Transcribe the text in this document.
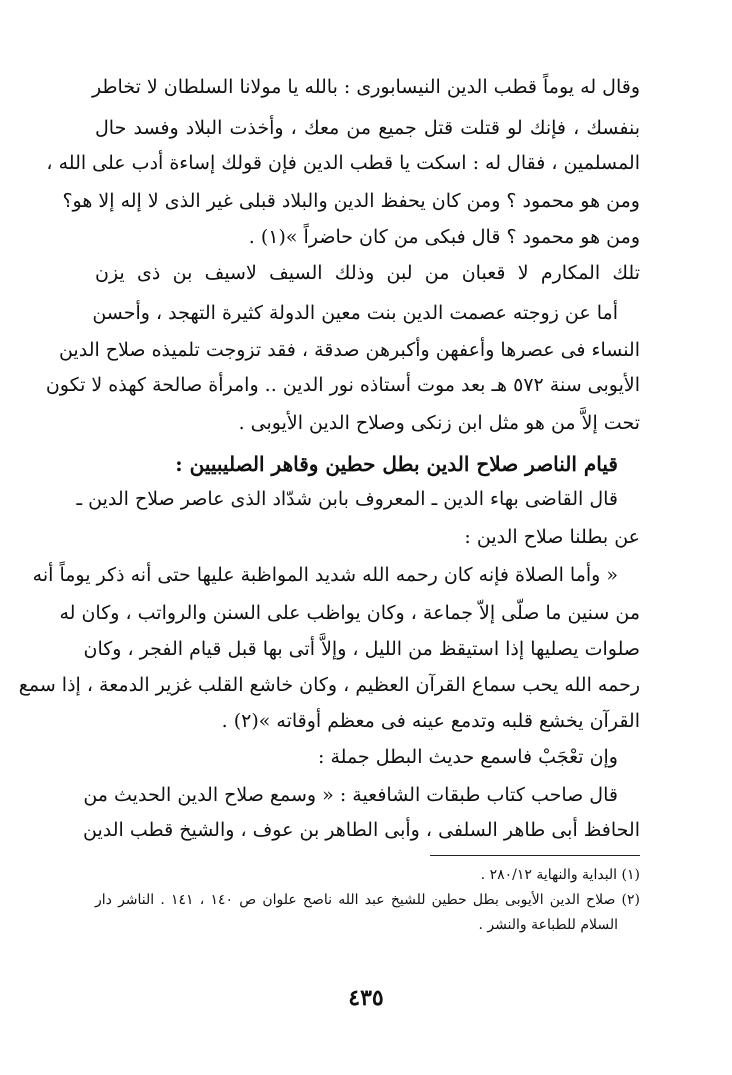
وقال له يوماً قطب الدين النيسابورى : بالله يا مولانا السلطان لا تخاطر
بنفسك ، فإنك لو قتلت قتل جميع من معك ، وأخذت البلاد وفسد حال
المسلمين ، فقال له : اسكت يا قطب الدين فإن قولك إساءة أدب على الله ،
ومن هو محمود ؟ ومن كان يحفظ الدين والبلاد قبلى غير الذى لا إله إلا هو؟
ومن هو محمود ؟ قال فبكى من كان حاضراً »(١) .
تلك المكارم لا قعبان من لبن وذلك السيف لاسيف بن ذى يزن
أما عن زوجته عصمت الدين بنت معين الدولة كثيرة التهجد ، وأحسن
النساء فى عصرها وأعفهن وأكبرهن صدقة ، فقد تزوجت تلميذه صلاح الدين
الأيوبى سنة ٥٧٢ هـ بعد موت أستاذه نور الدين .. وامرأة صالحة كهذه لا تكون
تحت إلاَّ من هو مثل ابن زنكى وصلاح الدين الأيوبى .
قيام الناصر صلاح الدين بطل حطين وقاهر الصليبيين :
قال القاضى بهاء الدين ـ المعروف بابن شدّاد الذى عاصر صلاح الدين ـ
عن بطلنا صلاح الدين :
« وأما الصلاة فإنه كان رحمه الله شديد المواظبة عليها حتى أنه ذكر يوماً أنه
من سنين ما صلّى إلاّ جماعة ، وكان يواظب على السنن والرواتب ، وكان له
صلوات يصليها إذا استيقظ من الليل ، وإلاَّ أتى بها قبل قيام الفجر ، وكان
رحمه الله يحب سماع القرآن العظيم ، وكان خاشع القلب غزير الدمعة ، إذا سمع
القرآن يخشع قلبه وتدمع عينه فى معظم أوقاته »(٢) .
وإن تعْجَبْ فاسمع حديث البطل جملة :
قال صاحب كتاب طبقات الشافعية : « وسمع صلاح الدين الحديث من
الحافظ أبى طاهر السلفى ، وأبى الطاهر بن عوف ، والشيخ قطب الدين
(١) البداية والنهاية ٢٨٠/١٢ .
(٢) صلاح الدين الأيوبى بطل حطين للشيخ عبد الله ناصح علوان ص ١٤٠ ، ١٤١ . الناشر دار
السلام للطباعة والنشر .
٤٣٥
